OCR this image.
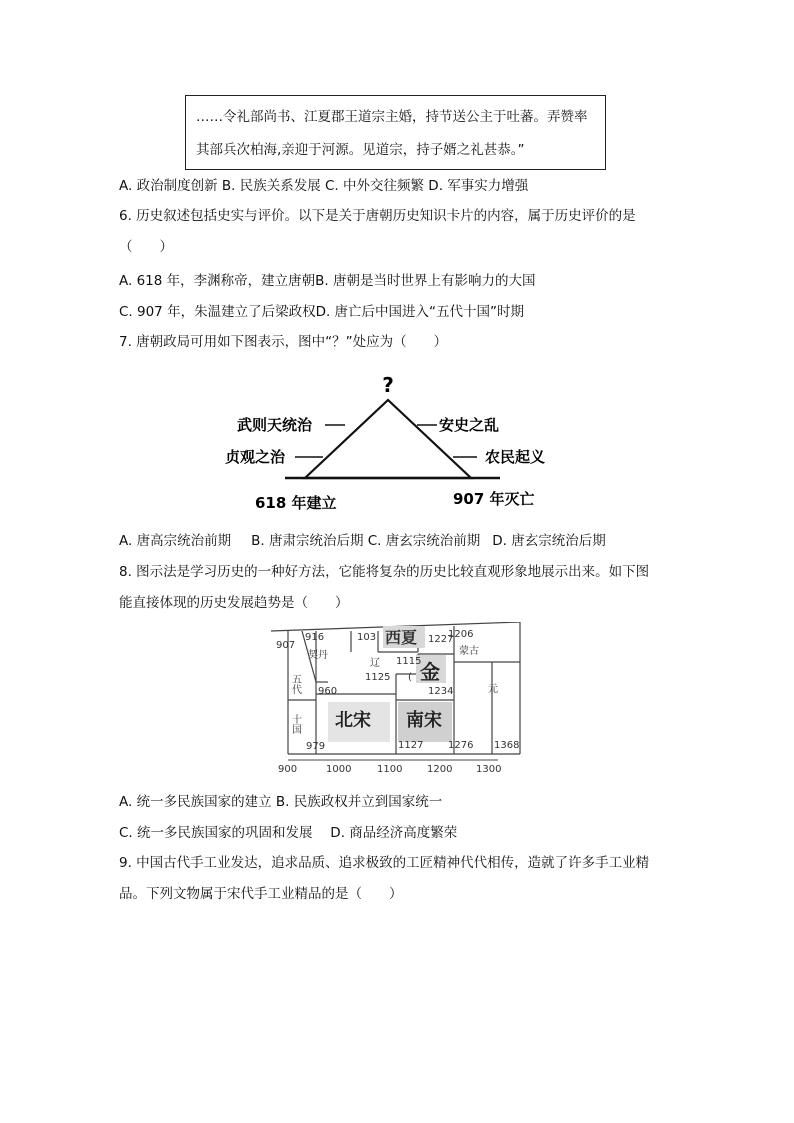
……令礼部尚书、江夏郡王道宗主婚，持节送公主于吐蕃。弄赞率
其部兵次柏海,亲迎于河源。见道宗，持子婿之礼甚恭。”
A. 政治制度创新 B. 民族关系发展 C. 中外交往频繁 D. 军事实力增强
6. 历史叙述包括史实与评价。以下是关于唐朝历史知识卡片的内容，属于历史评价的是
（　　）
A. 618 年，李渊称帝，建立唐朝B. 唐朝是当时世界上有影响力的大国
C. 907 年，朱温建立了后梁政权D. 唐亡后中国进入“五代十国”时期
7. 唐朝政局可用如下图表示，图中“？”处应为（　　）
?
武则天统治
贞观之治
安史之乱
农民起义
618 年建立	907 年灭亡
A. 唐高宗统治前期 B. 唐肃宗统治后期 C. 唐玄宗统治前期 D. 唐玄宗统治后期
8. 图示法是学习历史的一种好方法，它能将复杂的历史比较直观形象地展示出来。如下图
能直接体现的历史发展趋势是（　　）
907
916	103	1227
1206
1115
1125
1234
960
979	1127 1276 1368
契丹
辽
(
蒙古
元
五代
十国
西夏
金
北宋 南宋
900	1000	1100 1200 1300
A. 统一多民族国家的建立 B. 民族政权并立到国家统一
C. 统一多民族国家的巩固和发展　 D. 商品经济高度繁荣
9. 中国古代手工业发达，追求品质、追求极致的工匠精神代代相传，造就了许多手工业精
品。下列文物属于宋代手工业精品的是（　　）
